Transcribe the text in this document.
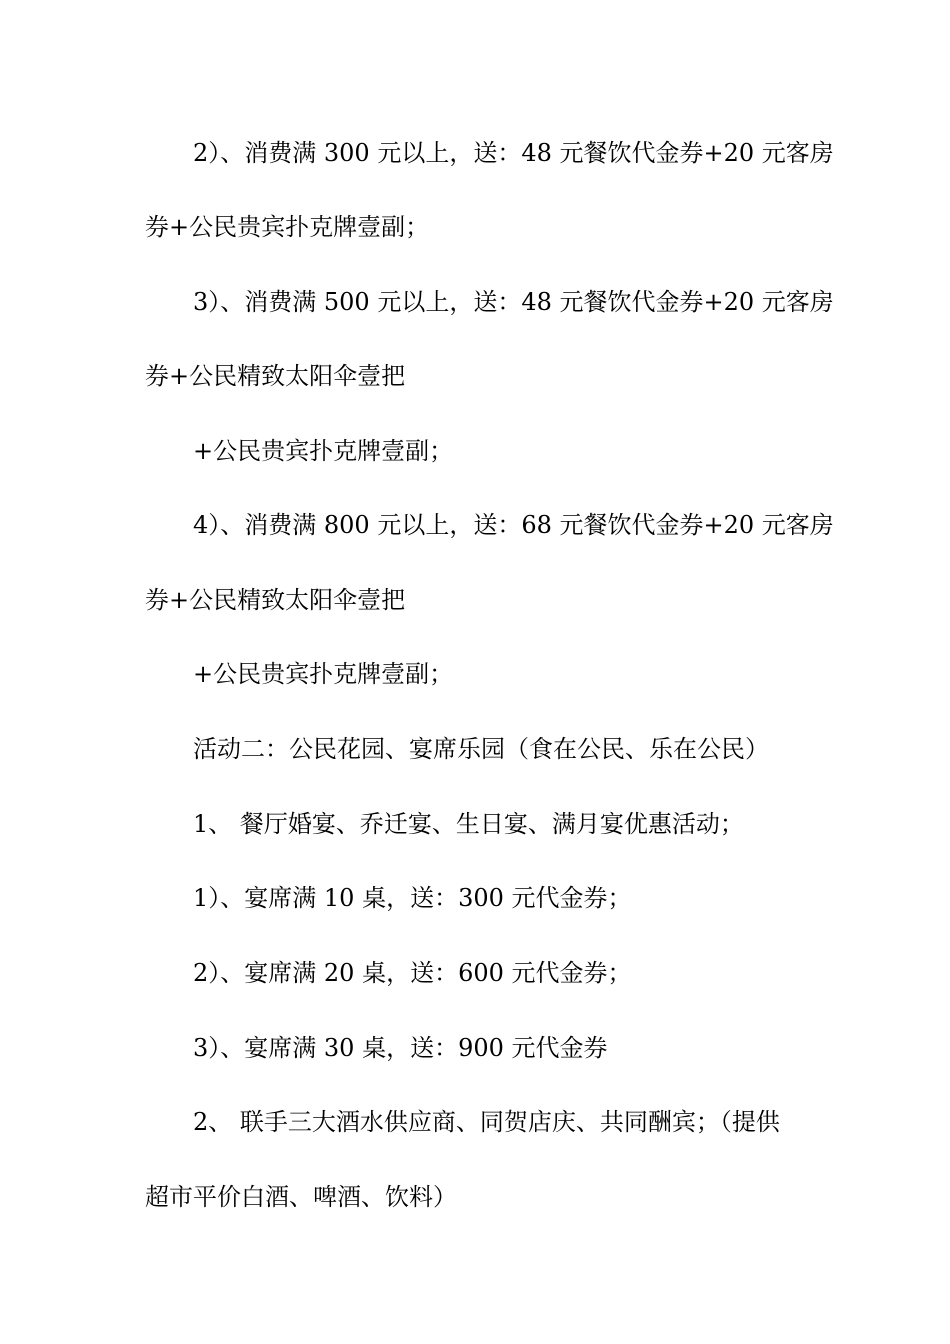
2）、消费满 300 元以上，送：48 元餐饮代金券+20 元客房
券+公民贵宾扑克牌壹副；
3）、消费满 500 元以上，送：48 元餐饮代金券+20 元客房
券+公民精致太阳伞壹把
+公民贵宾扑克牌壹副；
4）、消费满 800 元以上，送：68 元餐饮代金券+20 元客房
券+公民精致太阳伞壹把
+公民贵宾扑克牌壹副；
活动二：公民花园、宴席乐园（食在公民、乐在公民）
1、 餐厅婚宴、乔迁宴、生日宴、满月宴优惠活动；
1）、宴席满 10 桌，送：300 元代金券；
2）、宴席满 20 桌，送：600 元代金券；
3）、宴席满 30 桌，送：900 元代金券
2、 联手三大酒水供应商、同贺店庆、共同酬宾；（提供
超市平价白酒、啤酒、饮料）
